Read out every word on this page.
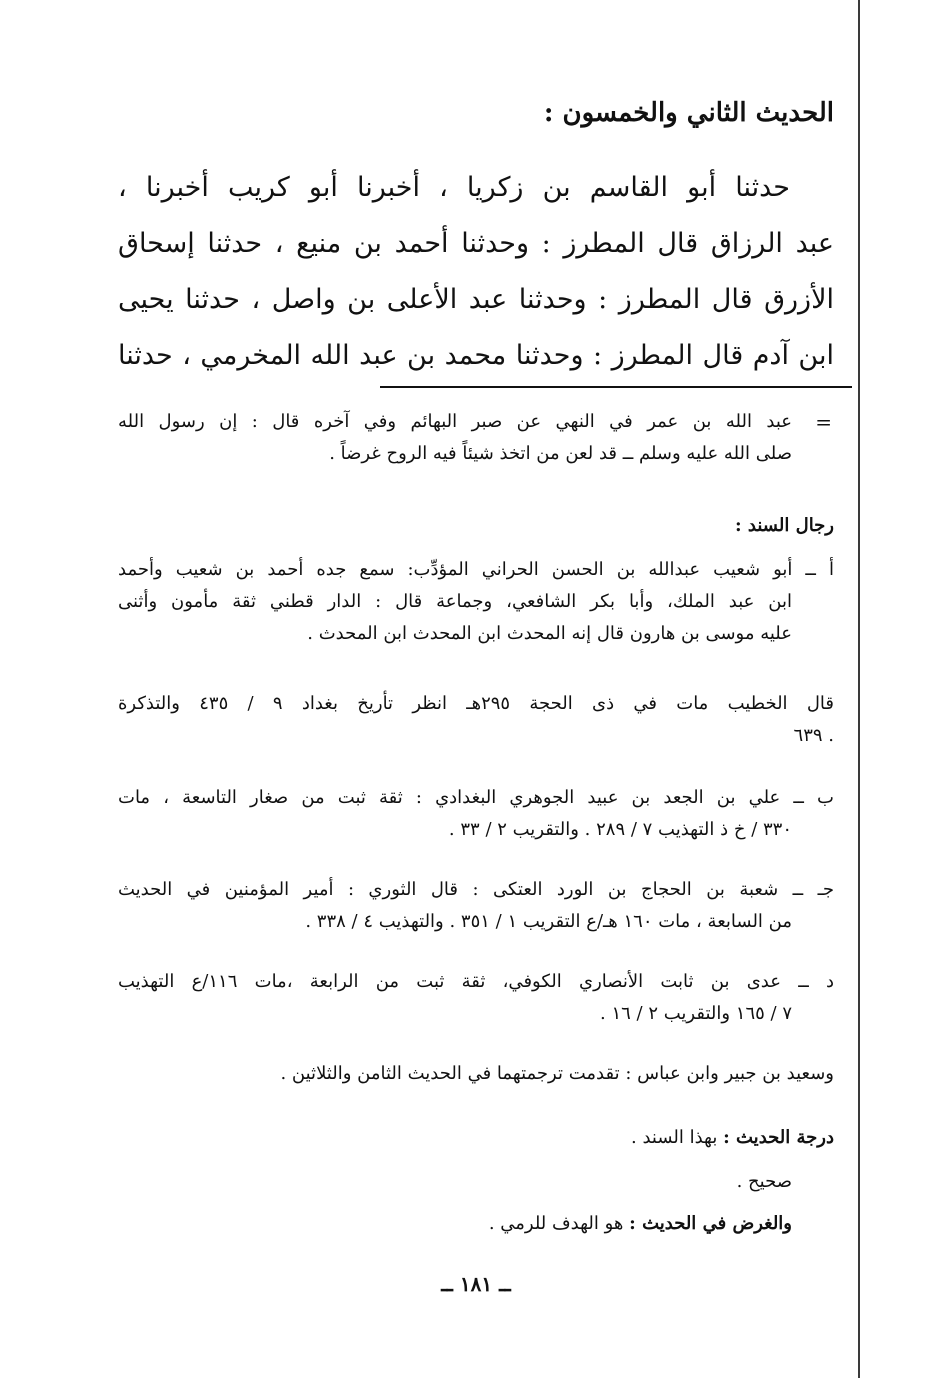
الحديث الثاني والخمسون :
حدثنا أبو القاسم بن زكريا ، أخبرنا أبو كريب أخبرنا ،
عبد الرزاق قال المطرز : وحدثنا أحمد بن منيع ، حدثنا إسحاق
الأزرق قال المطرز : وحدثنا عبد الأعلى بن واصل ، حدثنا يحيى
ابن آدم قال المطرز : وحدثنا محمد بن عبد الله المخرمي ، حدثنا
=
عبد الله بن عمر في النهي عن صبر البهائم وفي آخره قال : إن رسول الله
صلى الله عليه وسلم ــ قد لعن من اتخذ شيئاً فيه الروح غرضاً .
رجال السند :
أ ــ أبو شعيب عبدالله بن الحسن الحراني المؤدِّب: سمع جده أحمد بن شعيب وأحمد
ابن عبد الملك، وأبا بكر الشافعي، وجماعة قال : الدار قطني ثقة مأمون وأثنى
عليه موسى بن هارون قال إنه المحدث ابن المحدث ابن المحدث .
قال الخطيب مات في ذى الحجة ٢٩٥هـ انظر تأريخ بغداد ٩ / ٤٣٥ والتذكرة
. ٦٣٩
ب ــ علي بن الجعد بن عبيد الجوهري البغدادي : ثقة ثبت من صغار التاسعة ، مات
٣٣٠ / خ ذ التهذيب ٧ / ٢٨٩ . والتقريب ٢ / ٣٣ .
جـ ــ شعبة بن الحجاج بن الورد العتكى : قال الثوري : أمير المؤمنين في الحديث
من السابعة ، مات ١٦٠ هـ/ع التقريب ١ / ٣٥١ . والتهذيب ٤ / ٣٣٨ .
د ــ عدى بن ثابت الأنصاري الكوفي، ثقة ثبت من الرابعة ،مات ١١٦/ع التهذيب
٧ / ١٦٥ والتقريب ٢ / ١٦ .
وسعيد بن جبير وابن عباس : تقدمت ترجمتهما في الحديث الثامن والثلاثين .
درجة الحديث : بهذا السند .
صحيح .
والغرض في الحديث : هو الهدف للرمي .
ــ ١٨١ ــ
